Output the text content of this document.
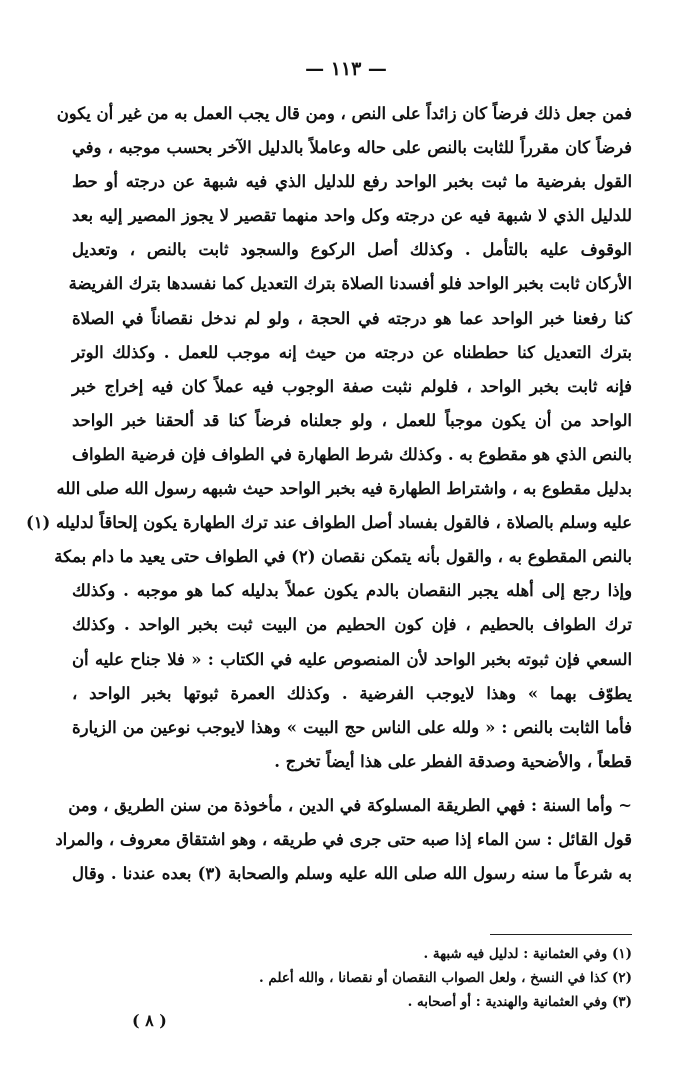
— ١١٣ —
فمن جعل ذلك فرضاً كان زائداً على النص ، ومن قال يجب العمل به من غير أن يكون
فرضاً كان مقرراً للثابت بالنص على حاله وعاملاً بالدليل الآخر بحسب موجبه ، وفي
القول بفرضية ما ثبت بخبر الواحد رفع للدليل الذي فيه شبهة عن درجته أو حط
للدليل الذي لا شبهة فيه عن درجته وكل واحد منهما تقصير لا يجوز المصير إليه بعد
الوقوف عليه بالتأمل . وكذلك أصل الركوع والسجود ثابت بالنص ، وتعديل
الأركان ثابت بخبر الواحد فلو أفسدنا الصلاة بترك التعديل كما نفسدها بترك الفريضة
كنا رفعنا خبر الواحد عما هو درجته في الحجة ، ولو لم ندخل نقصاناً في الصلاة
بترك التعديل كنا حططناه عن درجته من حيث إنه موجب للعمل . وكذلك الوتر
فإنه ثابت بخبر الواحد ، فلولم نثبت صفة الوجوب فيه عملاً كان فيه إخراج خبر
الواحد من أن يكون موجباً للعمل ، ولو جعلناه فرضاً كنا قد ألحقنا خبر الواحد
بالنص الذي هو مقطوع به . وكذلك شرط الطهارة في الطواف فإن فرضية الطواف
بدليل مقطوع به ، واشتراط الطهارة فيه بخبر الواحد حيث شبهه رسول الله صلى الله
عليه وسلم بالصلاة ، فالقول بفساد أصل الطواف عند ترك الطهارة يكون إلحاقاً لدليله (١)
بالنص المقطوع به ، والقول بأنه يتمكن نقصان (٢) في الطواف حتى يعيد ما دام بمكة
وإذا رجع إلى أهله يجبر النقصان بالدم يكون عملاً بدليله كما هو موجبه . وكذلك
ترك الطواف بالحطيم ، فإن كون الحطيم من البيت ثبت بخبر الواحد . وكذلك
السعي فإن ثبوته بخبر الواحد لأن المنصوص عليه في الكتاب : « فلا جناح عليه أن
يطوّف بهما » وهذا لايوجب الفرضية . وكذلك العمرة ثبوتها بخبر الواحد ،
فأما الثابت بالنص : « ولله على الناس حج البيت » وهذا لايوجب نوعين من الزيارة
قطعاً ، والأضحية وصدقة الفطر على هذا أيضاً تخرج .
~ وأما السنة : فهي الطريقة المسلوكة في الدين ، مأخوذة من سنن الطريق ، ومن
قول القائل : سن الماء إذا صبه حتى جرى في طريقه ، وهو اشتقاق معروف ، والمراد
به شرعاً ما سنه رسول الله صلى الله عليه وسلم والصحابة (٣) بعده عندنا . وقال
(١) وفي العثمانية : لدليل فيه شبهة .
(٢) كذا في النسخ ، ولعل الصواب النقصان أو نقصانا ، والله أعلم .
(٣) وفي العثمانية والهندية : أو أصحابه .
( ٨ )
